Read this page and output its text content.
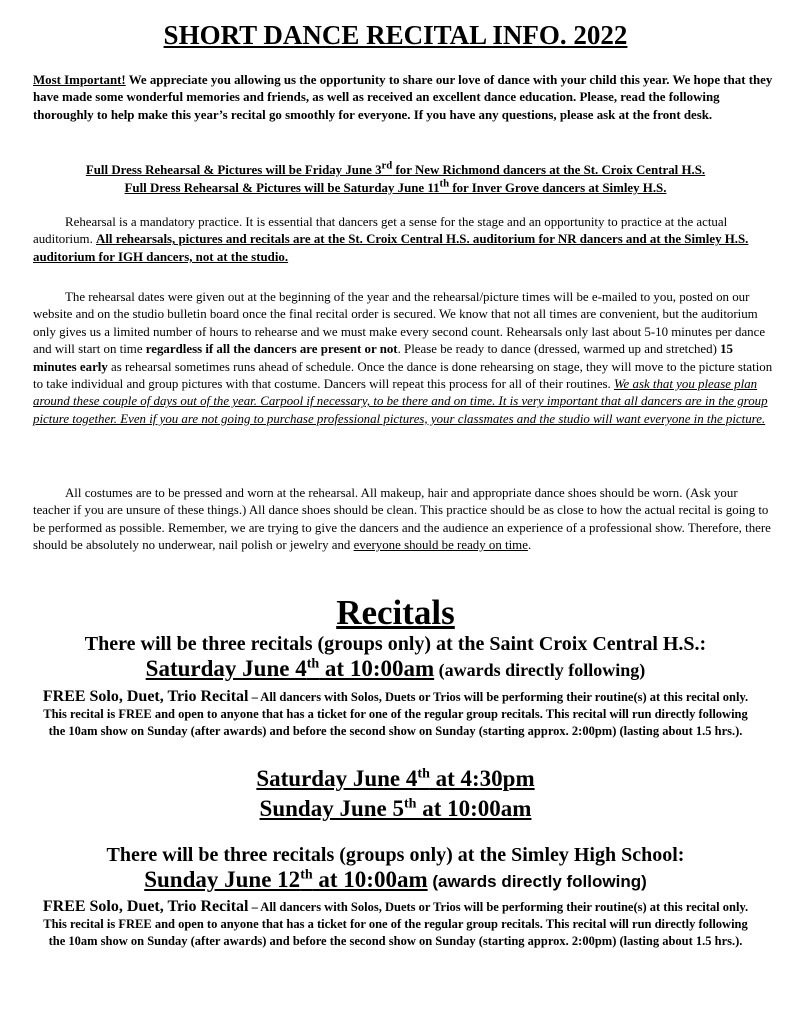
SHORT DANCE RECITAL INFO. 2022

Most Important! We appreciate you allowing us the opportunity to share our love of dance with your child this year. We hope that they have made some wonderful memories and friends, as well as received an excellent dance education. Please, read the following thoroughly to help make this year’s recital go smoothly for everyone. If you have any questions, please ask at the front desk.

Full Dress Rehearsal & Pictures will be Friday June 3rd for New Richmond dancers at the St. Croix Central H.S.

Full Dress Rehearsal & Pictures will be Saturday June 11th for Inver Grove dancers at Simley H.S.

Rehearsal is a mandatory practice. It is essential that dancers get a sense for the stage and an opportunity to practice at the actual auditorium. All rehearsals, pictures and recitals are at the St. Croix Central H.S. auditorium for NR dancers and at the Simley H.S. auditorium for IGH dancers, not at the studio.

The rehearsal dates were given out at the beginning of the year and the rehearsal/picture times will be e-mailed to you, posted on our website and on the studio bulletin board once the final recital order is secured. We know that not all times are convenient, but the auditorium only gives us a limited number of hours to rehearse and we must make every second count. Rehearsals only last about 5-10 minutes per dance and will start on time regardless if all the dancers are present or not. Please be ready to dance (dressed, warmed up and stretched) 15 minutes early as rehearsal sometimes runs ahead of schedule. Once the dance is done rehearsing on stage, they will move to the picture station to take individual and group pictures with that costume. Dancers will repeat this process for all of their routines. We ask that you please plan around these couple of days out of the year. Carpool if necessary, to be there and on time. It is very important that all dancers are in the group picture together. Even if you are not going to purchase professional pictures, your classmates and the studio will want everyone in the picture.

All costumes are to be pressed and worn at the rehearsal. All makeup, hair and appropriate dance shoes should be worn. (Ask your teacher if you are unsure of these things.) All dance shoes should be clean. This practice should be as close to how the actual recital is going to be performed as possible. Remember, we are trying to give the dancers and the audience an experience of a professional show. Therefore, there should be absolutely no underwear, nail polish or jewelry and everyone should be ready on time.

Recitals

There will be three recitals (groups only) at the Saint Croix Central H.S.:

Saturday June 4th at 10:00am (awards directly following)

FREE Solo, Duet, Trio Recital – All dancers with Solos, Duets or Trios will be performing their routine(s) at this recital only. This recital is FREE and open to anyone that has a ticket for one of the regular group recitals. This recital will run directly following the 10am show on Sunday (after awards) and before the second show on Sunday (starting approx. 2:00pm) (lasting about 1.5 hrs.).

Saturday June 4th at 4:30pm

Sunday June 5th at 10:00am

There will be three recitals (groups only) at the Simley High School:

Sunday June 12th at 10:00am (awards directly following)

FREE Solo, Duet, Trio Recital – All dancers with Solos, Duets or Trios will be performing their routine(s) at this recital only. This recital is FREE and open to anyone that has a ticket for one of the regular group recitals. This recital will run directly following the 10am show on Sunday (after awards) and before the second show on Sunday (starting approx. 2:00pm) (lasting about 1.5 hrs.).
